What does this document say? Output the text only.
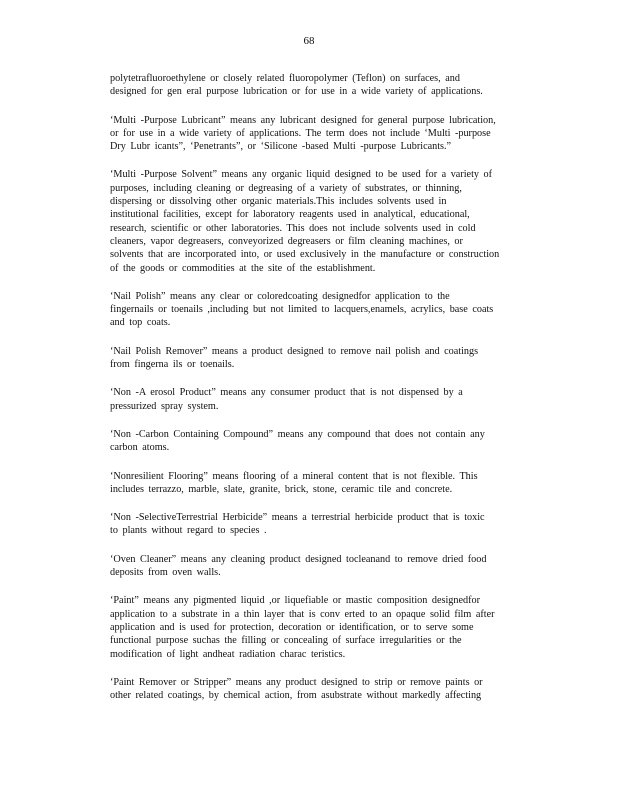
68

polytetrafluoroethylene or closely related fluoropolymer (Teflon) on surfaces, and
designed for gen eral purpose lubrication or for use in a wide variety of applications.

‘Multi -Purpose Lubricant” means any lubricant designed for general purpose lubrication,
or for use in a wide variety of applications. The term does not include ‘Multi -purpose
Dry Lubr icants”, ‘Penetrants”, or ‘Silicone -based Multi -purpose Lubricants.”

‘Multi -Purpose Solvent” means any organic liquid designed to be used for a variety of
purposes, including cleaning or degreasing of a variety of substrates, or thinning,
dispersing or dissolving other organic materials.This includes solvents used in
institutional facilities, except for laboratory reagents used in analytical, educational,
research, scientific or other laboratories. This does not include solvents used in cold
cleaners, vapor degreasers, conveyorized degreasers or film cleaning machines, or
solvents that are incorporated into, or used exclusively in the manufacture or construction
of the goods or commodities at the site of the establishment.

‘Nail Polish” means any clear or coloredcoating designedfor application to the
fingernails or toenails ,including but not limited to lacquers,enamels, acrylics, base coats
and top coats.

‘Nail Polish Remover” means a product designed to remove nail polish and coatings
from fingerna ils or toenails.

‘Non -A erosol Product” means any consumer product that is not dispensed by a
pressurized spray system.

‘Non -Carbon Containing Compound” means any compound that does not contain any
carbon atoms.

‘Nonresilient Flooring” means flooring of a mineral content that is not flexible. This
includes terrazzo, marble, slate, granite, brick, stone, ceramic tile and concrete.

‘Non -SelectiveTerrestrial Herbicide” means a terrestrial herbicide product that is toxic
to plants without regard to species .

‘Oven Cleaner” means any cleaning product designed tocleanand to remove dried food
deposits from oven walls.

‘Paint” means any pigmented liquid ,or liquefiable or mastic composition designedfor
application to a substrate in a thin layer that is conv erted to an opaque solid film after
application and is used for protection, decoration or identification, or to serve some
functional purpose suchas the filling or concealing of surface irregularities or the
modification of light andheat radiation charac teristics.

‘Paint Remover or Stripper” means any product designed to strip or remove paints or
other related coatings, by chemical action, from asubstrate without markedly affecting
